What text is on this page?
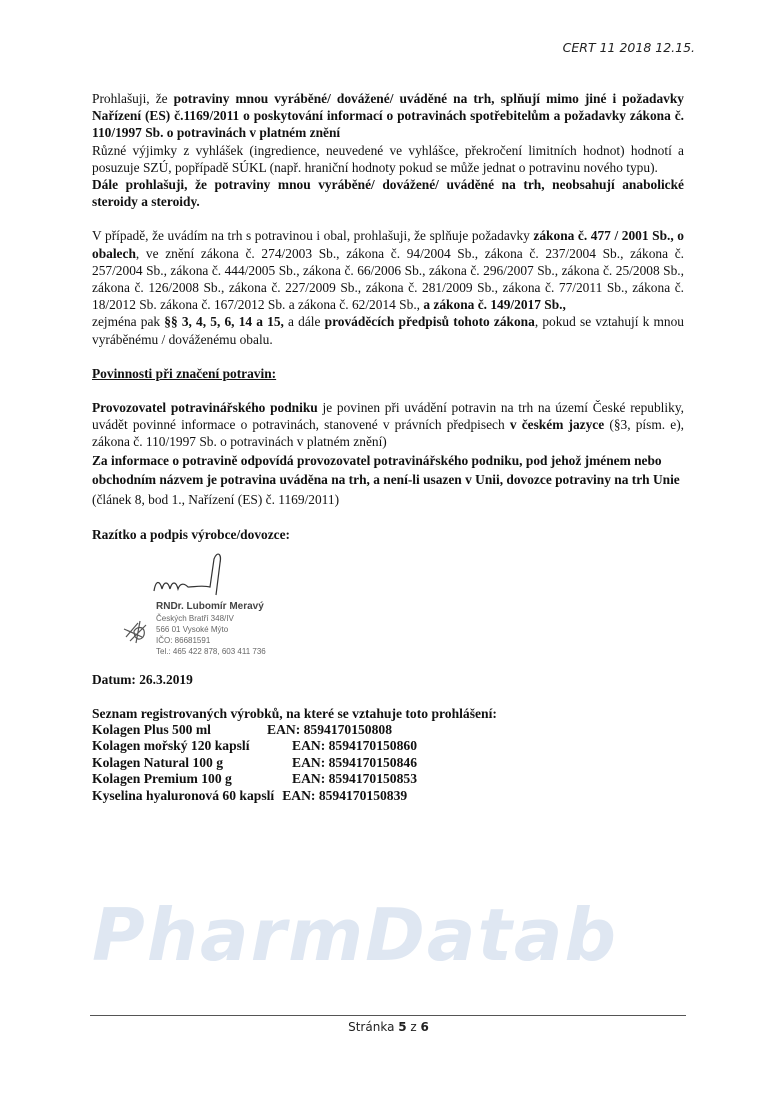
CERT 11 2018 12.15.

Prohlašuji, že potraviny mnou vyráběné/ dovážené/ uváděné na trh, splňují mimo jiné i požadavky Nařízení (ES) č.1169/2011 o poskytování informací o potravinách spotřebitelům a požadavky zákona č. 110/1997 Sb. o potravinách v platném znění

Různé výjimky z vyhlášek (ingredience, neuvedené ve vyhlášce, překročení limitních hodnot) hodnotí a posuzuje SZÚ, popřípadě SÚKL (např. hraniční hodnoty pokud se může jednat o potravinu nového typu).

Dále prohlašuji, že potraviny mnou vyráběné/ dovážené/ uváděné na trh, neobsahují anabolické steroidy a steroidy.

V případě, že uvádím na trh s potravinou i obal, prohlašuji, že splňuje požadavky zákona č. 477 / 2001 Sb., o obalech, ve znění zákona č. 274/2003 Sb., zákona č. 94/2004 Sb., zákona č. 237/2004 Sb., zákona č. 257/2004 Sb., zákona č. 444/2005 Sb., zákona č. 66/2006 Sb., zákona č. 296/2007 Sb., zákona č. 25/2008 Sb., zákona č. 126/2008 Sb., zákona č. 227/2009 Sb., zákona č. 281/2009 Sb., zákona č. 77/2011 Sb., zákona č. 18/2012 Sb. zákona č. 167/2012 Sb. a zákona č. 62/2014 Sb., a zákona č. 149/2017 Sb.,

zejména pak §§ 3, 4, 5, 6, 14 a 15, a dále prováděcích předpisů tohoto zákona, pokud se vztahují k mnou vyráběnému / dováženému obalu.

Povinnosti při značení potravin:

Provozovatel potravinářského podniku je povinen při uvádění potravin na trh na území České republiky, uvádět povinné informace o potravinách, stanovené v právních předpisech v českém jazyce (§3, písm. e), zákona č. 110/1997 Sb. o potravinách v platném znění)

Za informace o potravině odpovídá provozovatel potravinářského podniku, pod jehož jménem nebo obchodním názvem je potravina uváděna na trh, a není-li usazen v Unii, dovozce potraviny na trh Unie (článek 8, bod 1., Nařízení (ES) č. 1169/2011)

Razítko a podpis výrobce/dovozce:

RNDr. Lubomír Meravý
Českých Bratří 348/IV
566 01 Vysoké Mýto
IČO: 86681591
Tel.: 465 422 878, 603 411 736

Datum: 26.3.2019

Seznam registrovaných výrobků, na které se vztahuje toto prohlášení:
Kolagen Plus 500 ml	EAN: 8594170150808
Kolagen mořský 120 kapslí	EAN: 8594170150860
Kolagen Natural 100 g	EAN: 8594170150846
Kolagen Premium 100 g	EAN: 8594170150853
Kyselina hyaluronová 60 kapslí EAN: 8594170150839
PharmDatab
Stránka 5 z 6
